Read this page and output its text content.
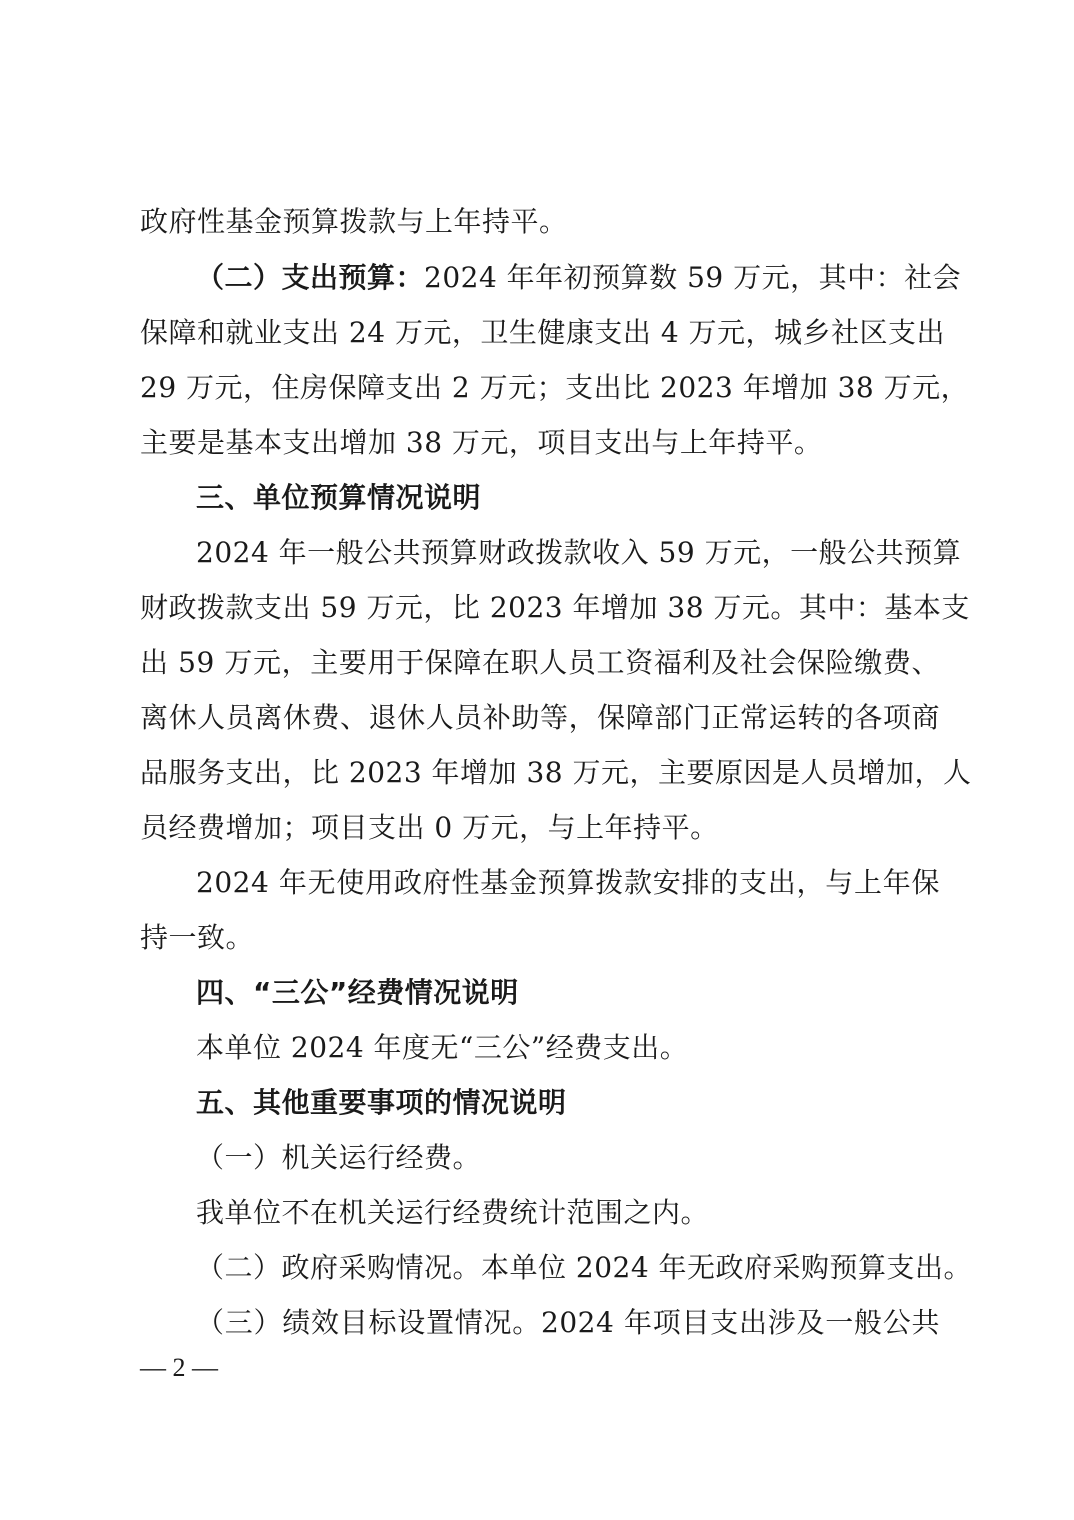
政府性基金预算拨款与上年持平。
（二）支出预算：2024 年年初预算数 59 万元，其中：社会
保障和就业支出 24 万元，卫生健康支出 4 万元，城乡社区支出
29 万元，住房保障支出 2 万元；支出比 2023 年增加 38 万元，
主要是基本支出增加 38 万元，项目支出与上年持平。
三、单位预算情况说明
2024 年一般公共预算财政拨款收入 59 万元，一般公共预算
财政拨款支出 59 万元，比 2023 年增加 38 万元。其中：基本支
出 59 万元，主要用于保障在职人员工资福利及社会保险缴费、
离休人员离休费、退休人员补助等，保障部门正常运转的各项商
品服务支出，比 2023 年增加 38 万元，主要原因是人员增加，人
员经费增加；项目支出 0 万元，与上年持平。
2024 年无使用政府性基金预算拨款安排的支出，与上年保
持一致。
四、“三公”经费情况说明
本单位 2024 年度无“三公”经费支出。
五、其他重要事项的情况说明
（一）机关运行经费。
我单位不在机关运行经费统计范围之内。
（二）政府采购情况。本单位 2024 年无政府采购预算支出。
（三）绩效目标设置情况。2024 年项目支出涉及一般公共
— 2 —
